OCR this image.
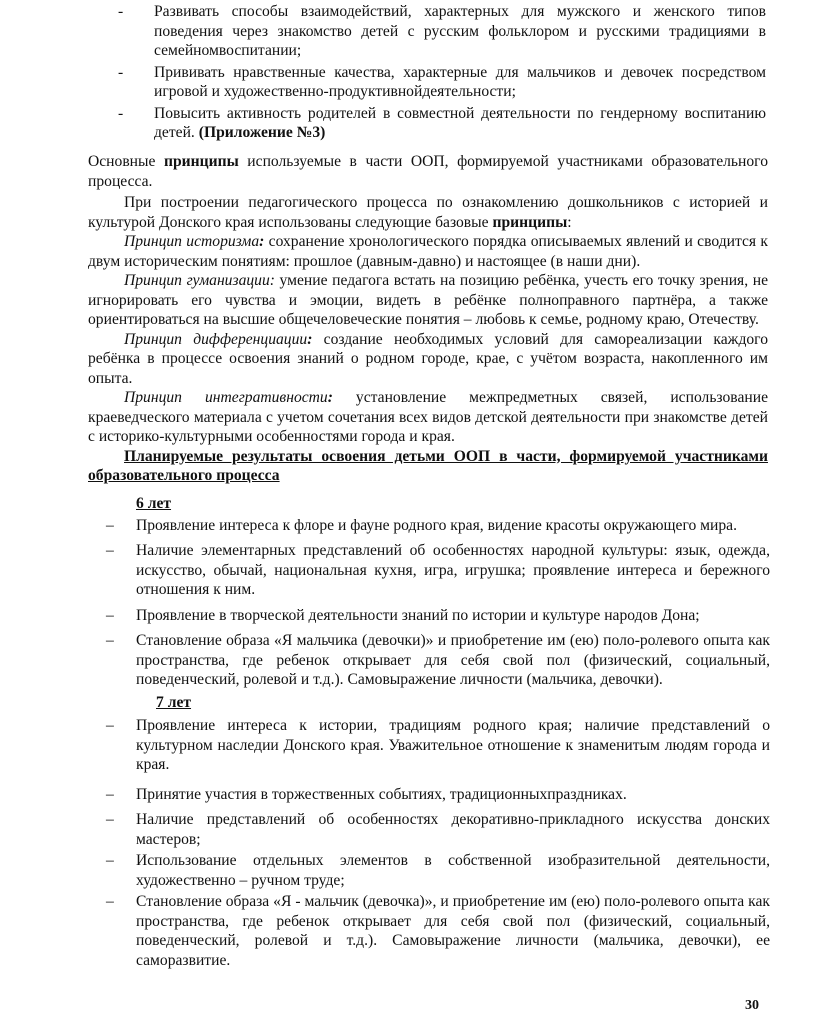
- Развивать способы взаимодействий, характерных для мужского и женского типов поведения через знакомство детей с русским фольклором и русскими традициями в семейномвоспитании;
- Прививать нравственные качества, характерные для мальчиков и девочек посредством игровой и художественно-продуктивнойдеятельности;
- Повысить активность родителей в совместной деятельности по гендерному воспитанию детей. (Приложение №3)

Основные принципы используемые в части ООП, формируемой участниками образовательного процесса.

При построении педагогического процесса по ознакомлению дошкольников с историей и культурой Донского края использованы следующие базовые принципы:

Принцип историзма: сохранение хронологического порядка описываемых явлений и сводится к двум историческим понятиям: прошлое (давным-давно) и настоящее (в наши дни).

Принцип гуманизации: умение педагога встать на позицию ребёнка, учесть его точку зрения, не игнорировать его чувства и эмоции, видеть в ребёнке полноправного партнёра, а также ориентироваться на высшие общечеловеческие понятия – любовь к семье, родному краю, Отечеству.

Принцип дифференциации: создание необходимых условий для самореализации каждого ребёнка в процессе освоения знаний о родном городе, крае, с учётом возраста, накопленного им опыта.

Принцип интегративности: установление межпредметных связей, использование краеведческого материала с учетом сочетания всех видов детской деятельности при знакомстве детей с историко-культурными особенностями города и края.

Планируемые результаты освоения детьми ООП в части, формируемой участниками образовательного процесса

6 лет
– Проявление интереса к флоре и фауне родного края, видение красоты окружающего мира.
– Наличие элементарных представлений об особенностях народной культуры: язык, одежда, искусство, обычай, национальная кухня, игра, игрушка; проявление интереса и бережного отношения к ним.
– Проявление в творческой деятельности знаний по истории и культуре народов Дона;
– Становление образа «Я мальчика (девочки)» и приобретение им (ею) поло-ролевого опыта как пространства, где ребенок открывает для себя свой пол (физический, социальный, поведенческий, ролевой и т.д.). Самовыражение личности (мальчика, девочки).
7 лет
– Проявление интереса к истории, традициям родного края; наличие представлений о культурном наследии Донского края. Уважительное отношение к знаменитым людям города и края.
– Принятие участия в торжественных событиях, традиционныхпраздниках.
– Наличие представлений об особенностях декоративно-прикладного искусства донских мастеров;
– Использование отдельных элементов в собственной изобразительной деятельности, художественно – ручном труде;
– Становление образа «Я - мальчик (девочка)», и приобретение им (ею) поло-ролевого опыта как пространства, где ребенок открывает для себя свой пол (физический, социальный, поведенческий, ролевой и т.д.). Самовыражение личности (мальчика, девочки), ее саморазвитие.
30
